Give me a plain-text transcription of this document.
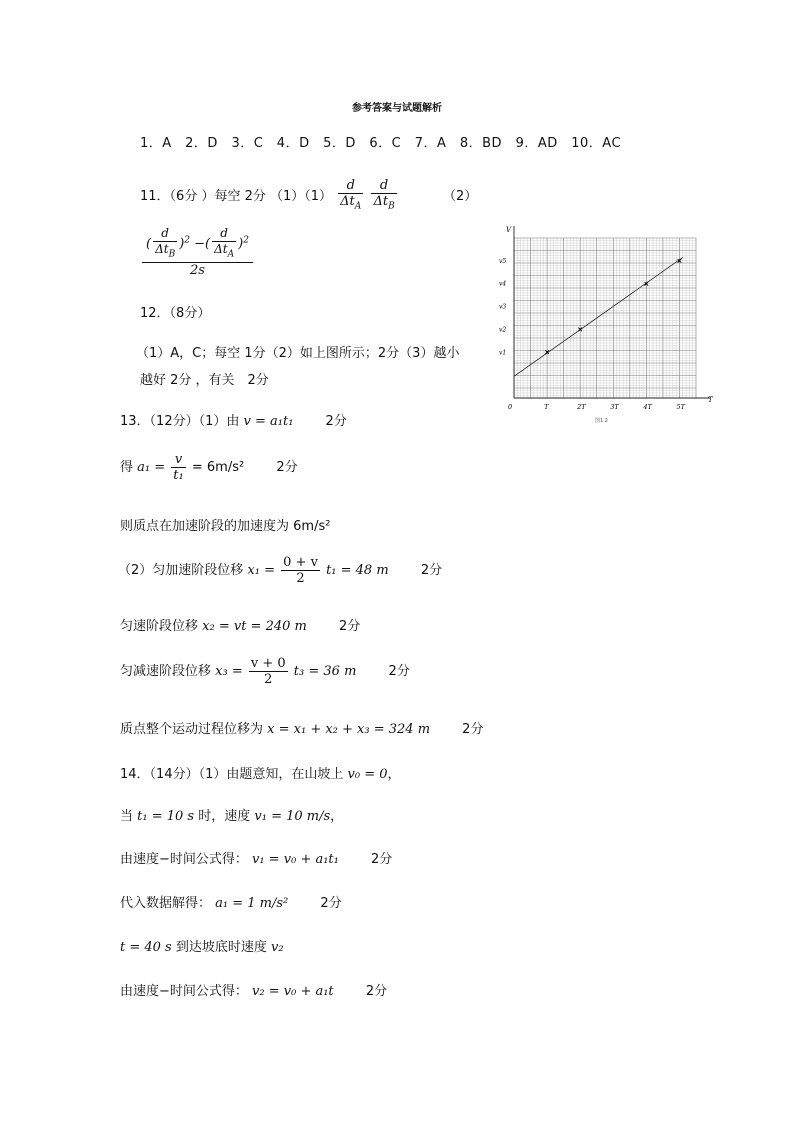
参考答案与试题解析
1．A　2．D　3．C　4．D　5．D　6．C　7．A　8．BD　9．AD　10．AC
11．（6分 ）每空 2分 $(1)(1) \frac{d}{\Delta t_A}$
$\frac{d}{\Delta t_B}$	（2）
$\frac{( \frac{d}{\Delta t_B} )^2 -( \frac{d}{\Delta t_A} )^2}{2s}$
12．（8分）
（1）A，C；每空 1分（2）如上图所示；2分（3）越小
越好 2分 ，有关　2分
V
T
0	T	2T	3T	4T	5T
v1
v2
v3
v4
v5
图1 2
13．（12分）（1）由 v = a₁t₁ 2分
得 $a_1 = \frac{v}{\text{t₁}} = 6m/s^2$ 2分
则质点在加速阶段的加速度为 6m/s²
（2）匀加速阶段位移 $x_1 = \frac{0 + v}{2} t_1 = 48$ m 2分
匀速阶段位移 x₂ = vt = 240 m 2分
匀减速阶段位移 $x_3 = \frac{v + 0}{2} t_3 = 36$ m 2分
质点整个运动过程位移为 x = x₁ + x₂ + x₃ = 324 m 2分
14．（14分）（1）由题意知，在山坡上 v₀ = 0，
当 t₁ = 10 s 时，速度 v₁ = 10 m/s，
由速度−时间公式得： v₁ = v₀ + a₁t₁ 2分
代入数据解得： a₁ = 1 m/s² 2分
t = 40 s 到达坡底时速度 v₂
由速度−时间公式得： v₂ = v₀ + a₁t 2分
